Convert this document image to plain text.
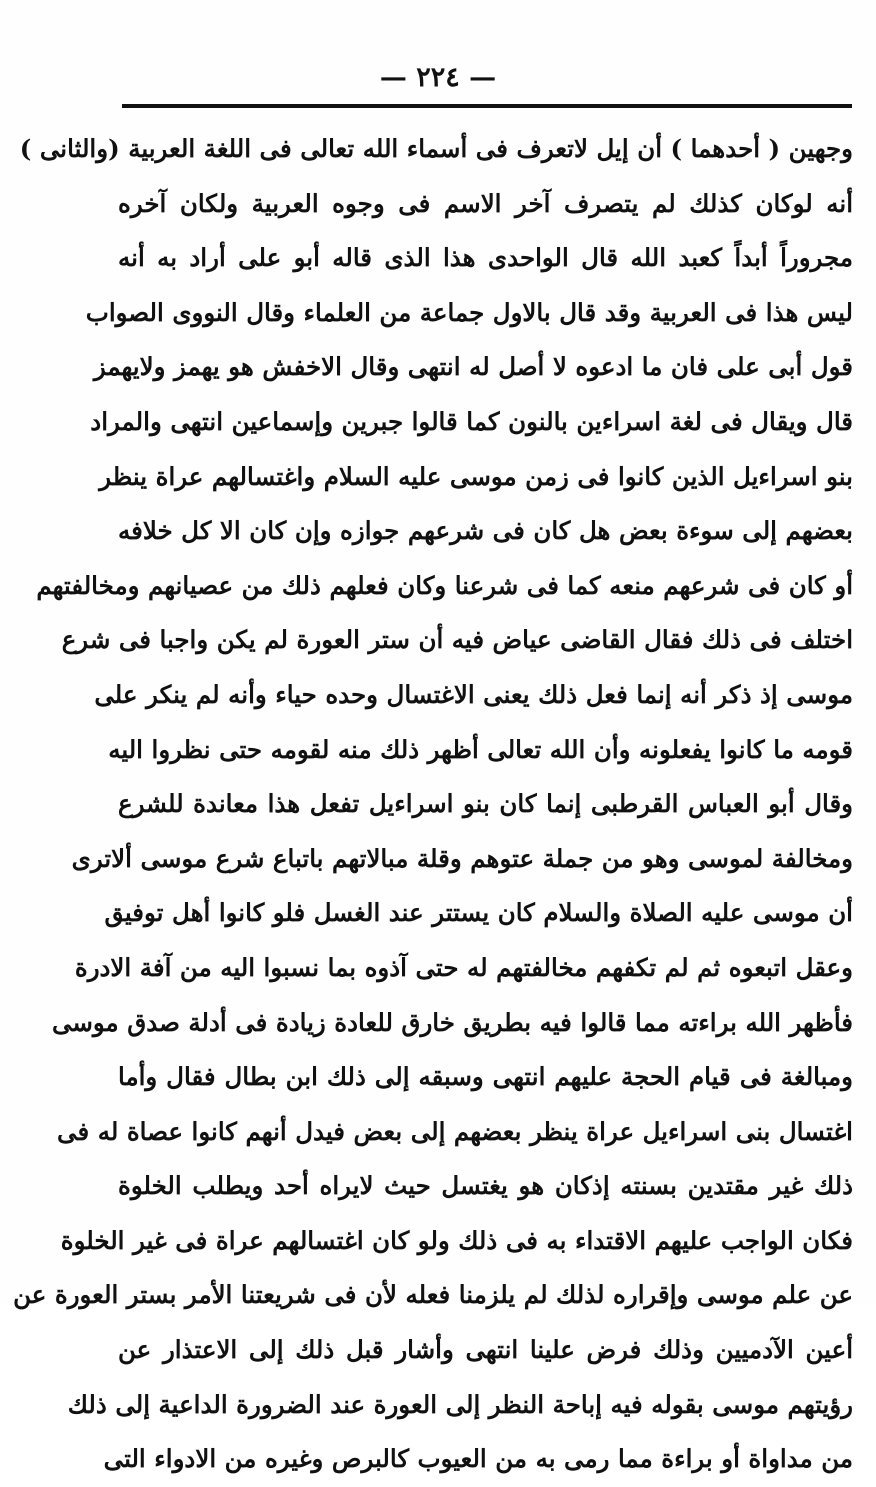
— ٢٢٤ —
وجهين ( أحدهما ) أن إيل لاتعرف فى أسماء الله تعالى فى اللغة العربية (والثانى )
أنه لوكان كذلك لم يتصرف آخر الاسم فى وجوه العربية ولكان آخره
مجروراً أبداً كعبد الله قال الواحدى هذا الذى قاله أبو على أراد به أنه
ليس هذا فى العربية وقد قال بالاول جماعة من العلماء وقال النووى الصواب
قول أبى على فان ما ادعوه لا أصل له انتهى وقال الاخفش هو يهمز ولايهمز
قال ويقال فى لغة اسراءين بالنون كما قالوا جبرين وإسماعين انتهى والمراد
بنو اسراءيل الذين كانوا فى زمن موسى عليه السلام واغتسالهم عراة ينظر
بعضهم إلى سوءة بعض هل كان فى شرعهم جوازه وإن كان الا كل خلافه
أو كان فى شرعهم منعه كما فى شرعنا وكان فعلهم ذلك من عصيانهم ومخالفتهم
اختلف فى ذلك فقال القاضى عياض فيه أن ستر العورة لم يكن واجبا فى شرع
موسى إذ ذكر أنه إنما فعل ذلك يعنى الاغتسال وحده حياء وأنه لم ينكر على
قومه ما كانوا يفعلونه وأن الله تعالى أظهر ذلك منه لقومه حتى نظروا اليه
وقال أبو العباس القرطبى إنما كان بنو اسراءيل تفعل هذا معاندة للشرع
ومخالفة لموسى وهو من جملة عتوهم وقلة مبالاتهم باتباع شرع موسى ألاترى
أن موسى عليه الصلاة والسلام كان يستتر عند الغسل فلو كانوا أهل توفيق
وعقل اتبعوه ثم لم تكفهم مخالفتهم له حتى آذوه بما نسبوا اليه من آفة الادرة
فأظهر الله براءته مما قالوا فيه بطريق خارق للعادة زيادة فى أدلة صدق موسى
ومبالغة فى قيام الحجة عليهم انتهى وسبقه إلى ذلك ابن بطال فقال وأما
اغتسال بنى اسراءيل عراة ينظر بعضهم إلى بعض فيدل أنهم كانوا عصاة له فى
ذلك غير مقتدين بسنته إذكان هو يغتسل حيث لايراه أحد ويطلب الخلوة
فكان الواجب عليهم الاقتداء به فى ذلك ولو كان اغتسالهم عراة فى غير الخلوة
عن علم موسى وإقراره لذلك لم يلزمنا فعله لأن فى شريعتنا الأمر بستر العورة عن
أعين الآدميين وذلك فرض علينا انتهى وأشار قبل ذلك إلى الاعتذار عن
رؤيتهم موسى بقوله فيه إباحة النظر إلى العورة عند الضرورة الداعية إلى ذلك
من مداواة أو براءة مما رمى به من العيوب كالبرص وغيره من الادواء التى
